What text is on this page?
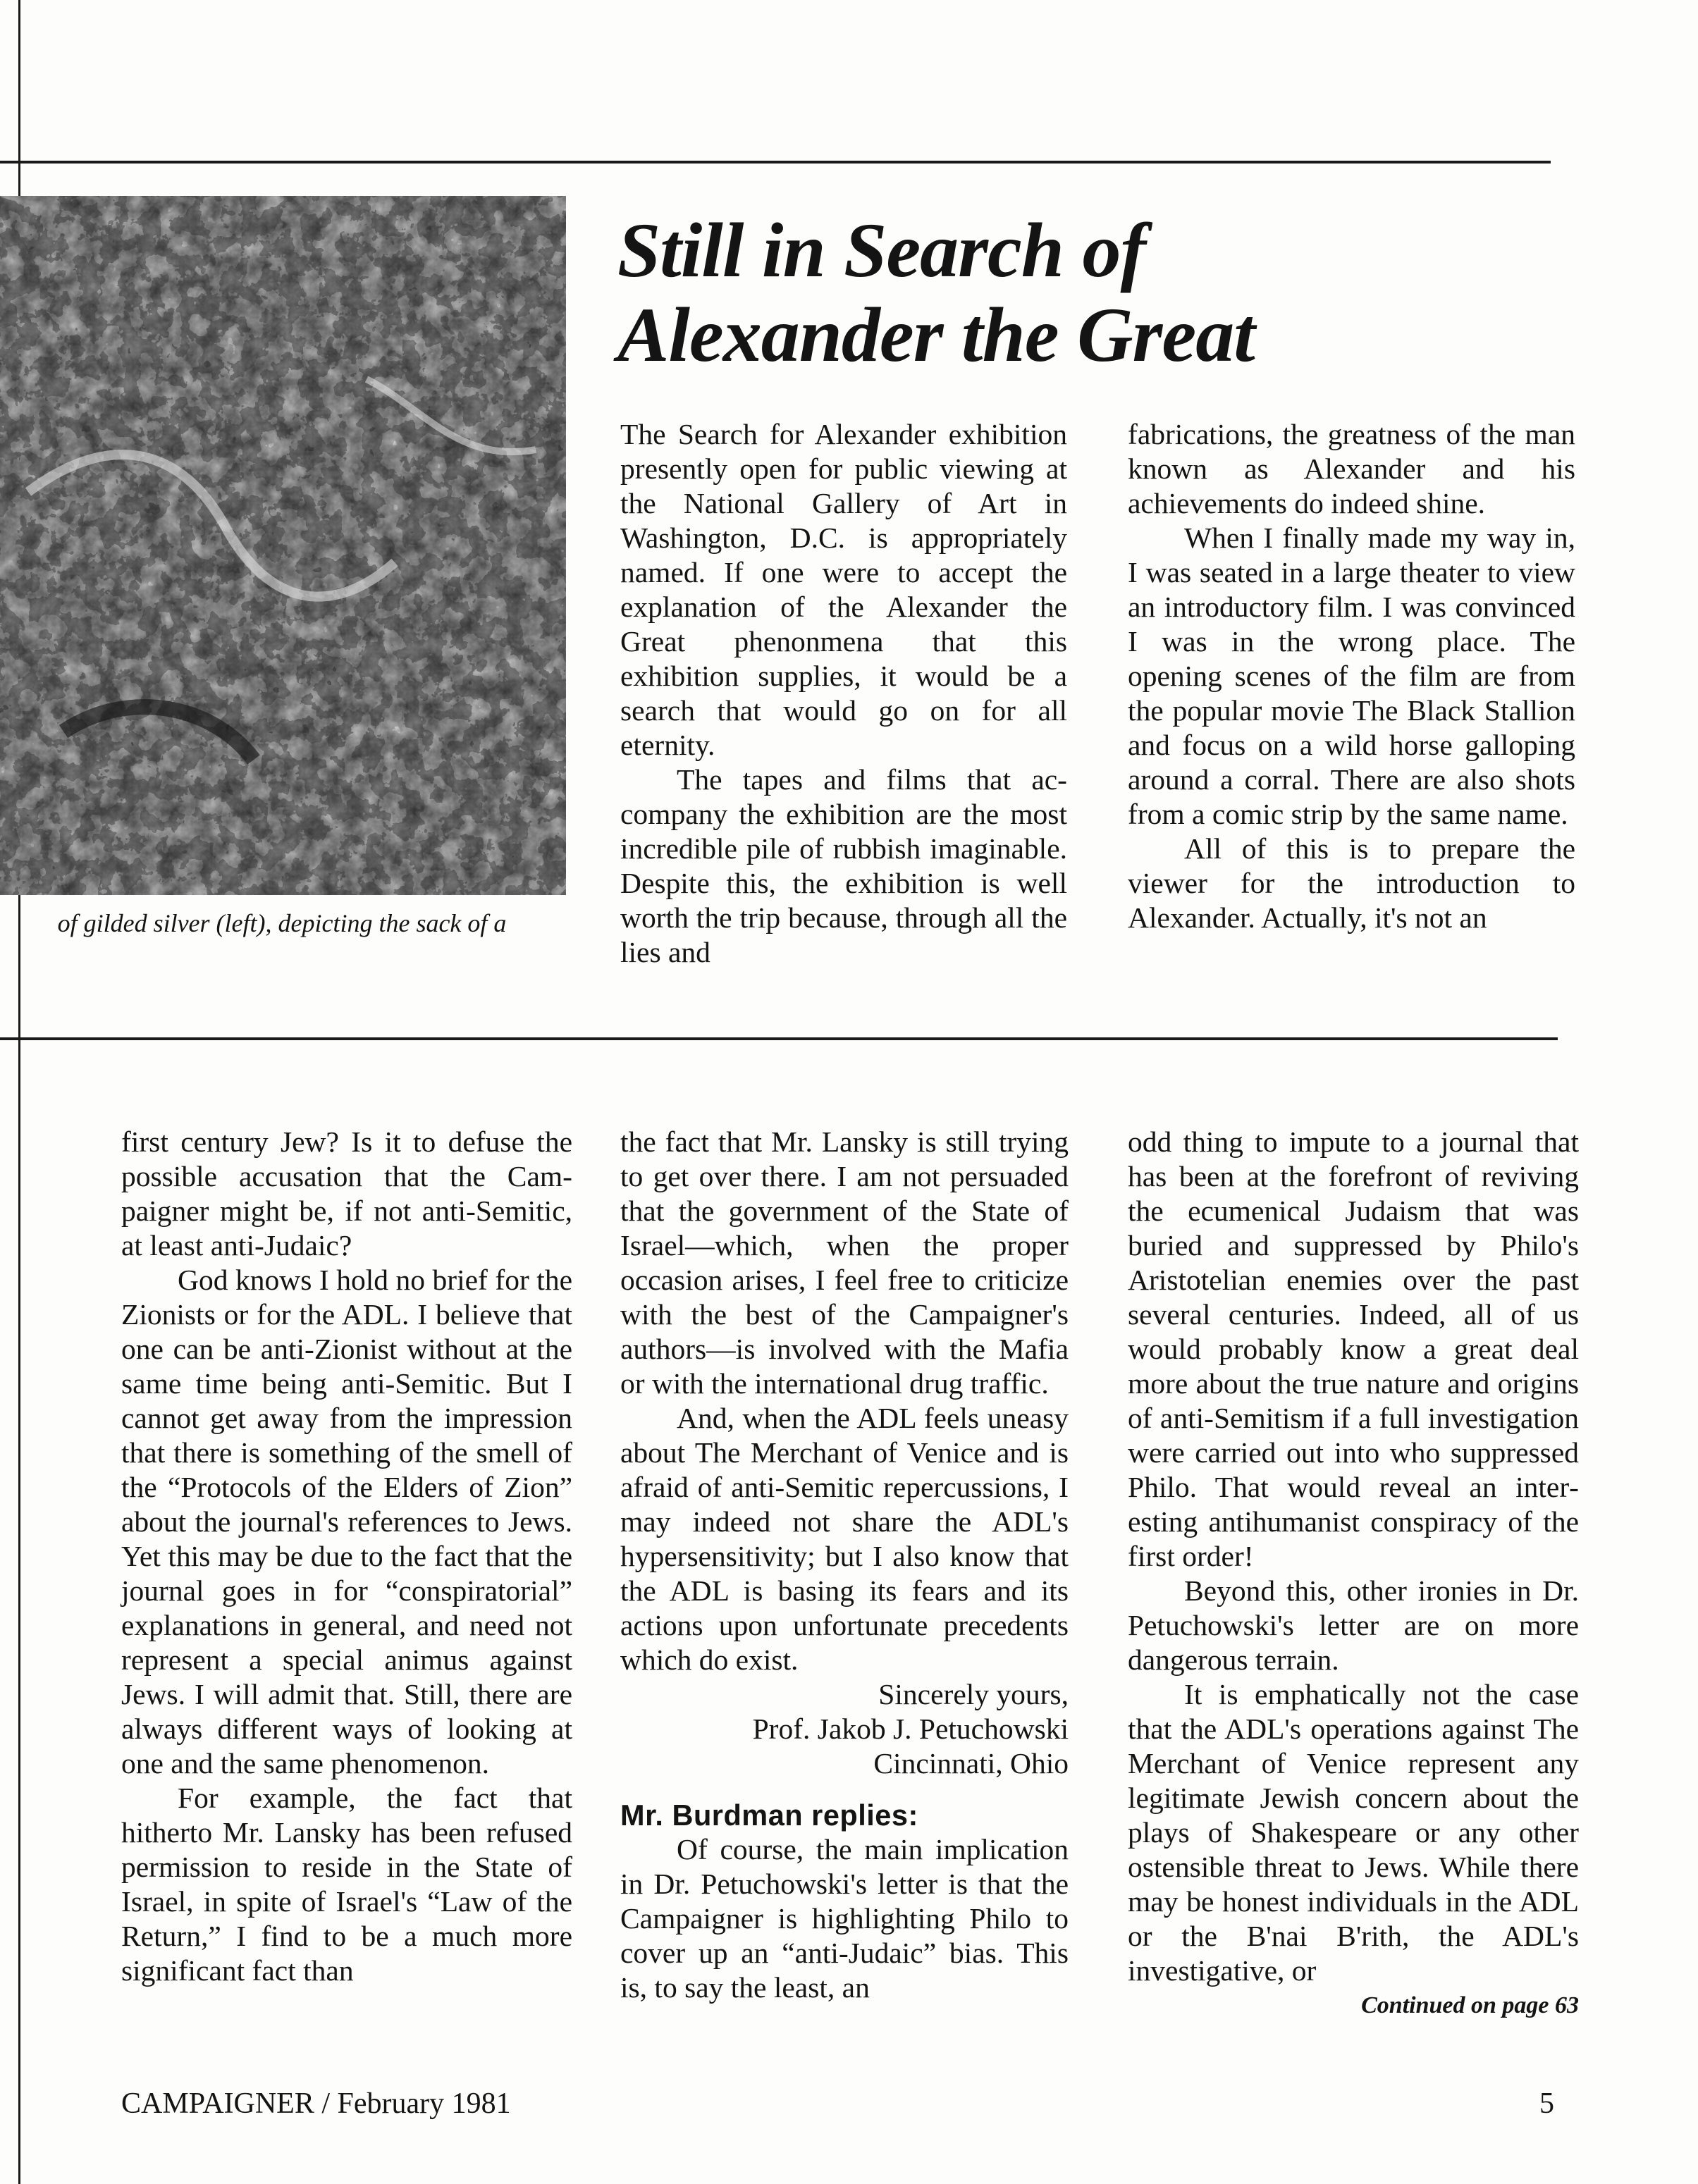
of gilded silver (left), depicting the sack of a
Still in Search of
Alexander the Great

The Search for Alexander exhibition presently open for public viewing at the National Gallery of Art in Washington, D.C. is appropriately named. If one were to accept the explanation of the Alexander the Great phenonmena that this exhibition supplies, it would be a search that would go on for all eternity.

The tapes and films that accompany the exhibition are the most incredible pile of rubbish imaginable. Despite this, the exhibition is well worth the trip because, through all the lies and

fabrications, the greatness of the man known as Alexander and his achievements do indeed shine.

When I finally made my way in, I was seated in a large theater to view an introductory film. I was convinced I was in the wrong place. The opening scenes of the film are from the popular movie The Black Stallion and focus on a wild horse galloping around a corral. There are also shots from a comic strip by the same name.

All of this is to prepare the viewer for the introduction to Alexander. Actually, it's not an

first century Jew? Is it to defuse the possible accusation that the Campaigner might be, if not anti-Semitic, at least anti-Judaic?

God knows I hold no brief for the Zionists or for the ADL. I believe that one can be anti-Zionist without at the same time being anti-Semitic. But I cannot get away from the impression that there is something of the smell of the “Protocols of the Elders of Zion” about the journal's references to Jews. Yet this may be due to the fact that the journal goes in for “conspiratorial” explanations in general, and need not represent a special animus against Jews. I will admit that. Still, there are always different ways of looking at one and the same phenomenon.

For example, the fact that hitherto Mr. Lansky has been refused permission to reside in the State of Israel, in spite of Israel's “Law of the Return,” I find to be a much more significant fact than

the fact that Mr. Lansky is still trying to get over there. I am not persuaded that the government of the State of Israel—which, when the proper occasion arises, I feel free to criticize with the best of the Campaigner's authors—is involved with the Mafia or with the international drug traffic.

And, when the ADL feels uneasy about The Merchant of Venice and is afraid of anti-Semitic repercussions, I may indeed not share the ADL's hypersensitivity; but I also know that the ADL is basing its fears and its actions upon unfortunate precedents which do exist.

Sincerely yours,

Prof. Jakob J. Petuchowski

Cincinnati, Ohio

Mr. Burdman replies:

Of course, the main implication in Dr. Petuchowski's letter is that the Campaigner is highlighting Philo to cover up an “anti-Judaic” bias. This is, to say the least, an

odd thing to impute to a journal that has been at the forefront of reviving the ecumenical Judaism that was buried and suppressed by Philo's Aristotelian enemies over the past several centuries. Indeed, all of us would probably know a great deal more about the true nature and origins of anti-Semitism if a full investigation were carried out into who suppressed Philo. That would reveal an interesting antihumanist conspiracy of the first order!

Beyond this, other ironies in Dr. Petuchowski's letter are on more dangerous terrain.

It is emphatically not the case that the ADL's operations against The Merchant of Venice represent any legitimate Jewish concern about the plays of Shakespeare or any other ostensible threat to Jews. While there may be honest individuals in the ADL or the B'nai B'rith, the ADL's investigative, or

Continued on page 63
CAMPAIGNER / February 1981	5
